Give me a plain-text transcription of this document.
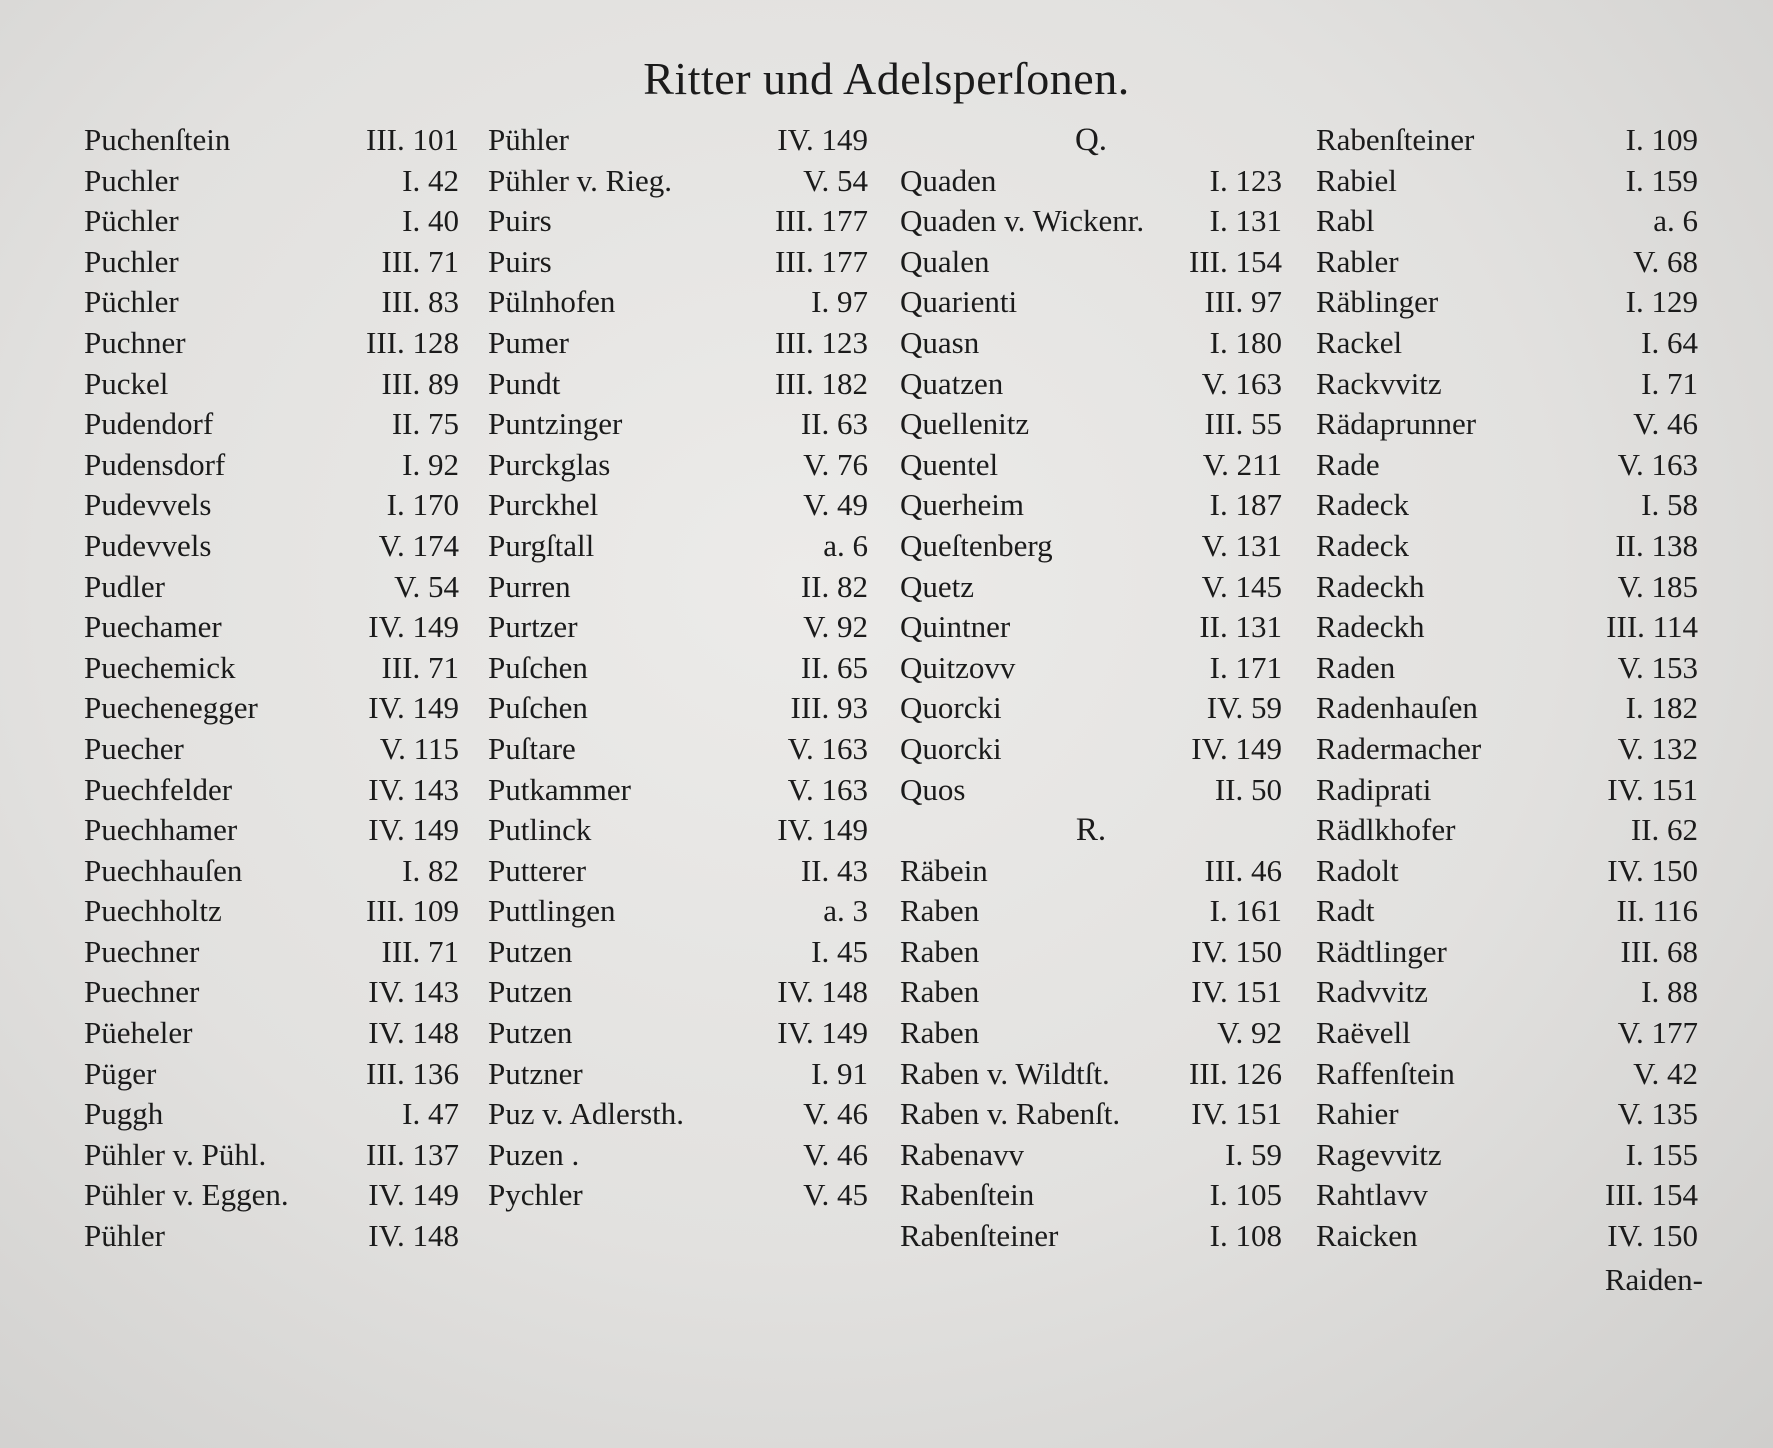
Ritter und Adelsperſonen.
Puchenſtein	III. 101
Puchler	I. 42
Püchler	I. 40
Puchler	III. 71
Püchler	III. 83
Puchner	III. 128
Puckel	III. 89
Pudendorf	II. 75
Pudensdorf	I. 92
Pudevvels	I. 170
Pudevvels	V. 174
Pudler	V. 54
Puechamer	IV. 149
Puechemick	III. 71
Puechenegger	IV. 149
Puecher	V. 115
Puechfelder	IV. 143
Puechhamer	IV. 149
Puechhauſen	I. 82
Puechholtz	III. 109
Puechner	III. 71
Puechner	IV. 143
Püeheler	IV. 148
Püger	III. 136
Puggh	I. 47
Pühler v. Pühl.	III. 137
Pühler v. Eggen.	IV. 149
Pühler	IV. 148
Pühler	IV. 149
Pühler v. Rieg.	V. 54
Puirs	III. 177
Puirs	III. 177
Pülnhofen	I. 97
Pumer	III. 123
Pundt	III. 182
Puntzinger	II. 63
Purckglas	V. 76
Purckhel	V. 49
Purgſtall	a. 6
Purren	II. 82
Purtzer	V. 92
Puſchen	II. 65
Puſchen	III. 93
Puſtare	V. 163
Putkammer	V. 163
Putlinck	IV. 149
Putterer	II. 43
Puttlingen	a. 3
Putzen	I. 45
Putzen	IV. 148
Putzen	IV. 149
Putzner	I. 91
Puz v. Adlersth.	V. 46
Puzen .	V. 46
Pychler	V. 45
Q.
Quaden	I. 123
Quaden v. Wickenr. I. 131
Qualen	III. 154
Quarienti	III. 97
Quasn	I. 180
Quatzen	V. 163
Quellenitz	III. 55
Quentel	V. 211
Querheim	I. 187
Queſtenberg	V. 131
Quetz	V. 145
Quintner	II. 131
Quitzovv	I. 171
Quorcki	IV. 59
Quorcki	IV. 149
Quos	II. 50
R.
Räbein	III. 46
Raben	I. 161
Raben	IV. 150
Raben	IV. 151
Raben	V. 92
Raben v. Wildtſt.	III. 126
Raben v. Rabenſt. IV. 151
Rabenavv	I. 59
Rabenſtein	I. 105
Rabenſteiner	I. 108
Rabenſteiner	I. 109
Rabiel	I. 159
Rabl	a. 6
Rabler	V. 68
Räblinger	I. 129
Rackel	I. 64
Rackvvitz	I. 71
Rädaprunner	V. 46
Rade	V. 163
Radeck	I. 58
Radeck	II. 138
Radeckh	V. 185
Radeckh	III. 114
Raden	V. 153
Radenhauſen	I. 182
Radermacher	V. 132
Radiprati	IV. 151
Rädlkhofer	II. 62
Radolt	IV. 150
Radt	II. 116
Rädtlinger	III. 68
Radvvitz	I. 88
Raëvell	V. 177
Raffenſtein	V. 42
Rahier	V. 135
Ragevvitz	I. 155
Rahtlavv	III. 154
Raicken	IV. 150
Raiden-
